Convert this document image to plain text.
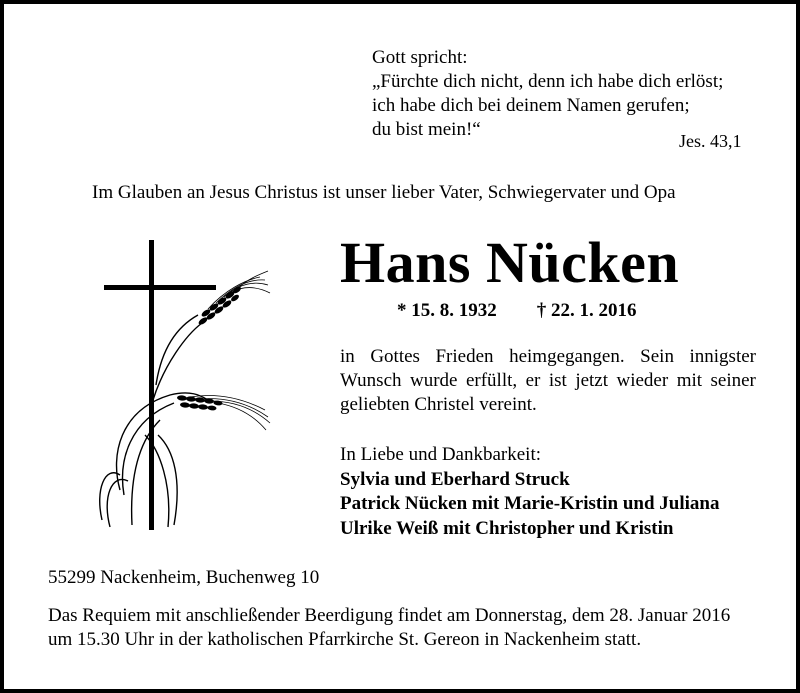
Gott spricht:
„Fürchte dich nicht, denn ich habe dich erlöst;
ich habe dich bei deinem Namen gerufen;
du bist mein!“
Jes. 43,1
Im Glauben an Jesus Christus ist unser lieber Vater, Schwiegervater und Opa
Hans Nücken
* 15. 8. 1932 † 22. 1. 2016
in Gottes Frieden heimgegangen. Sein innigster
Wunsch wurde erfüllt, er ist jetzt wieder mit seiner
geliebten Christel vereint.
In Liebe und Dankbarkeit:
Sylvia und Eberhard Struck
Patrick Nücken mit Marie-Kristin und Juliana
Ulrike Weiß mit Christopher und Kristin
55299 Nackenheim, Buchenweg 10
Das Requiem mit anschließender Beerdigung findet am Donnerstag, dem 28. Januar 2016
um 15.30 Uhr in der katholischen Pfarrkirche St. Gereon in Nackenheim statt.
